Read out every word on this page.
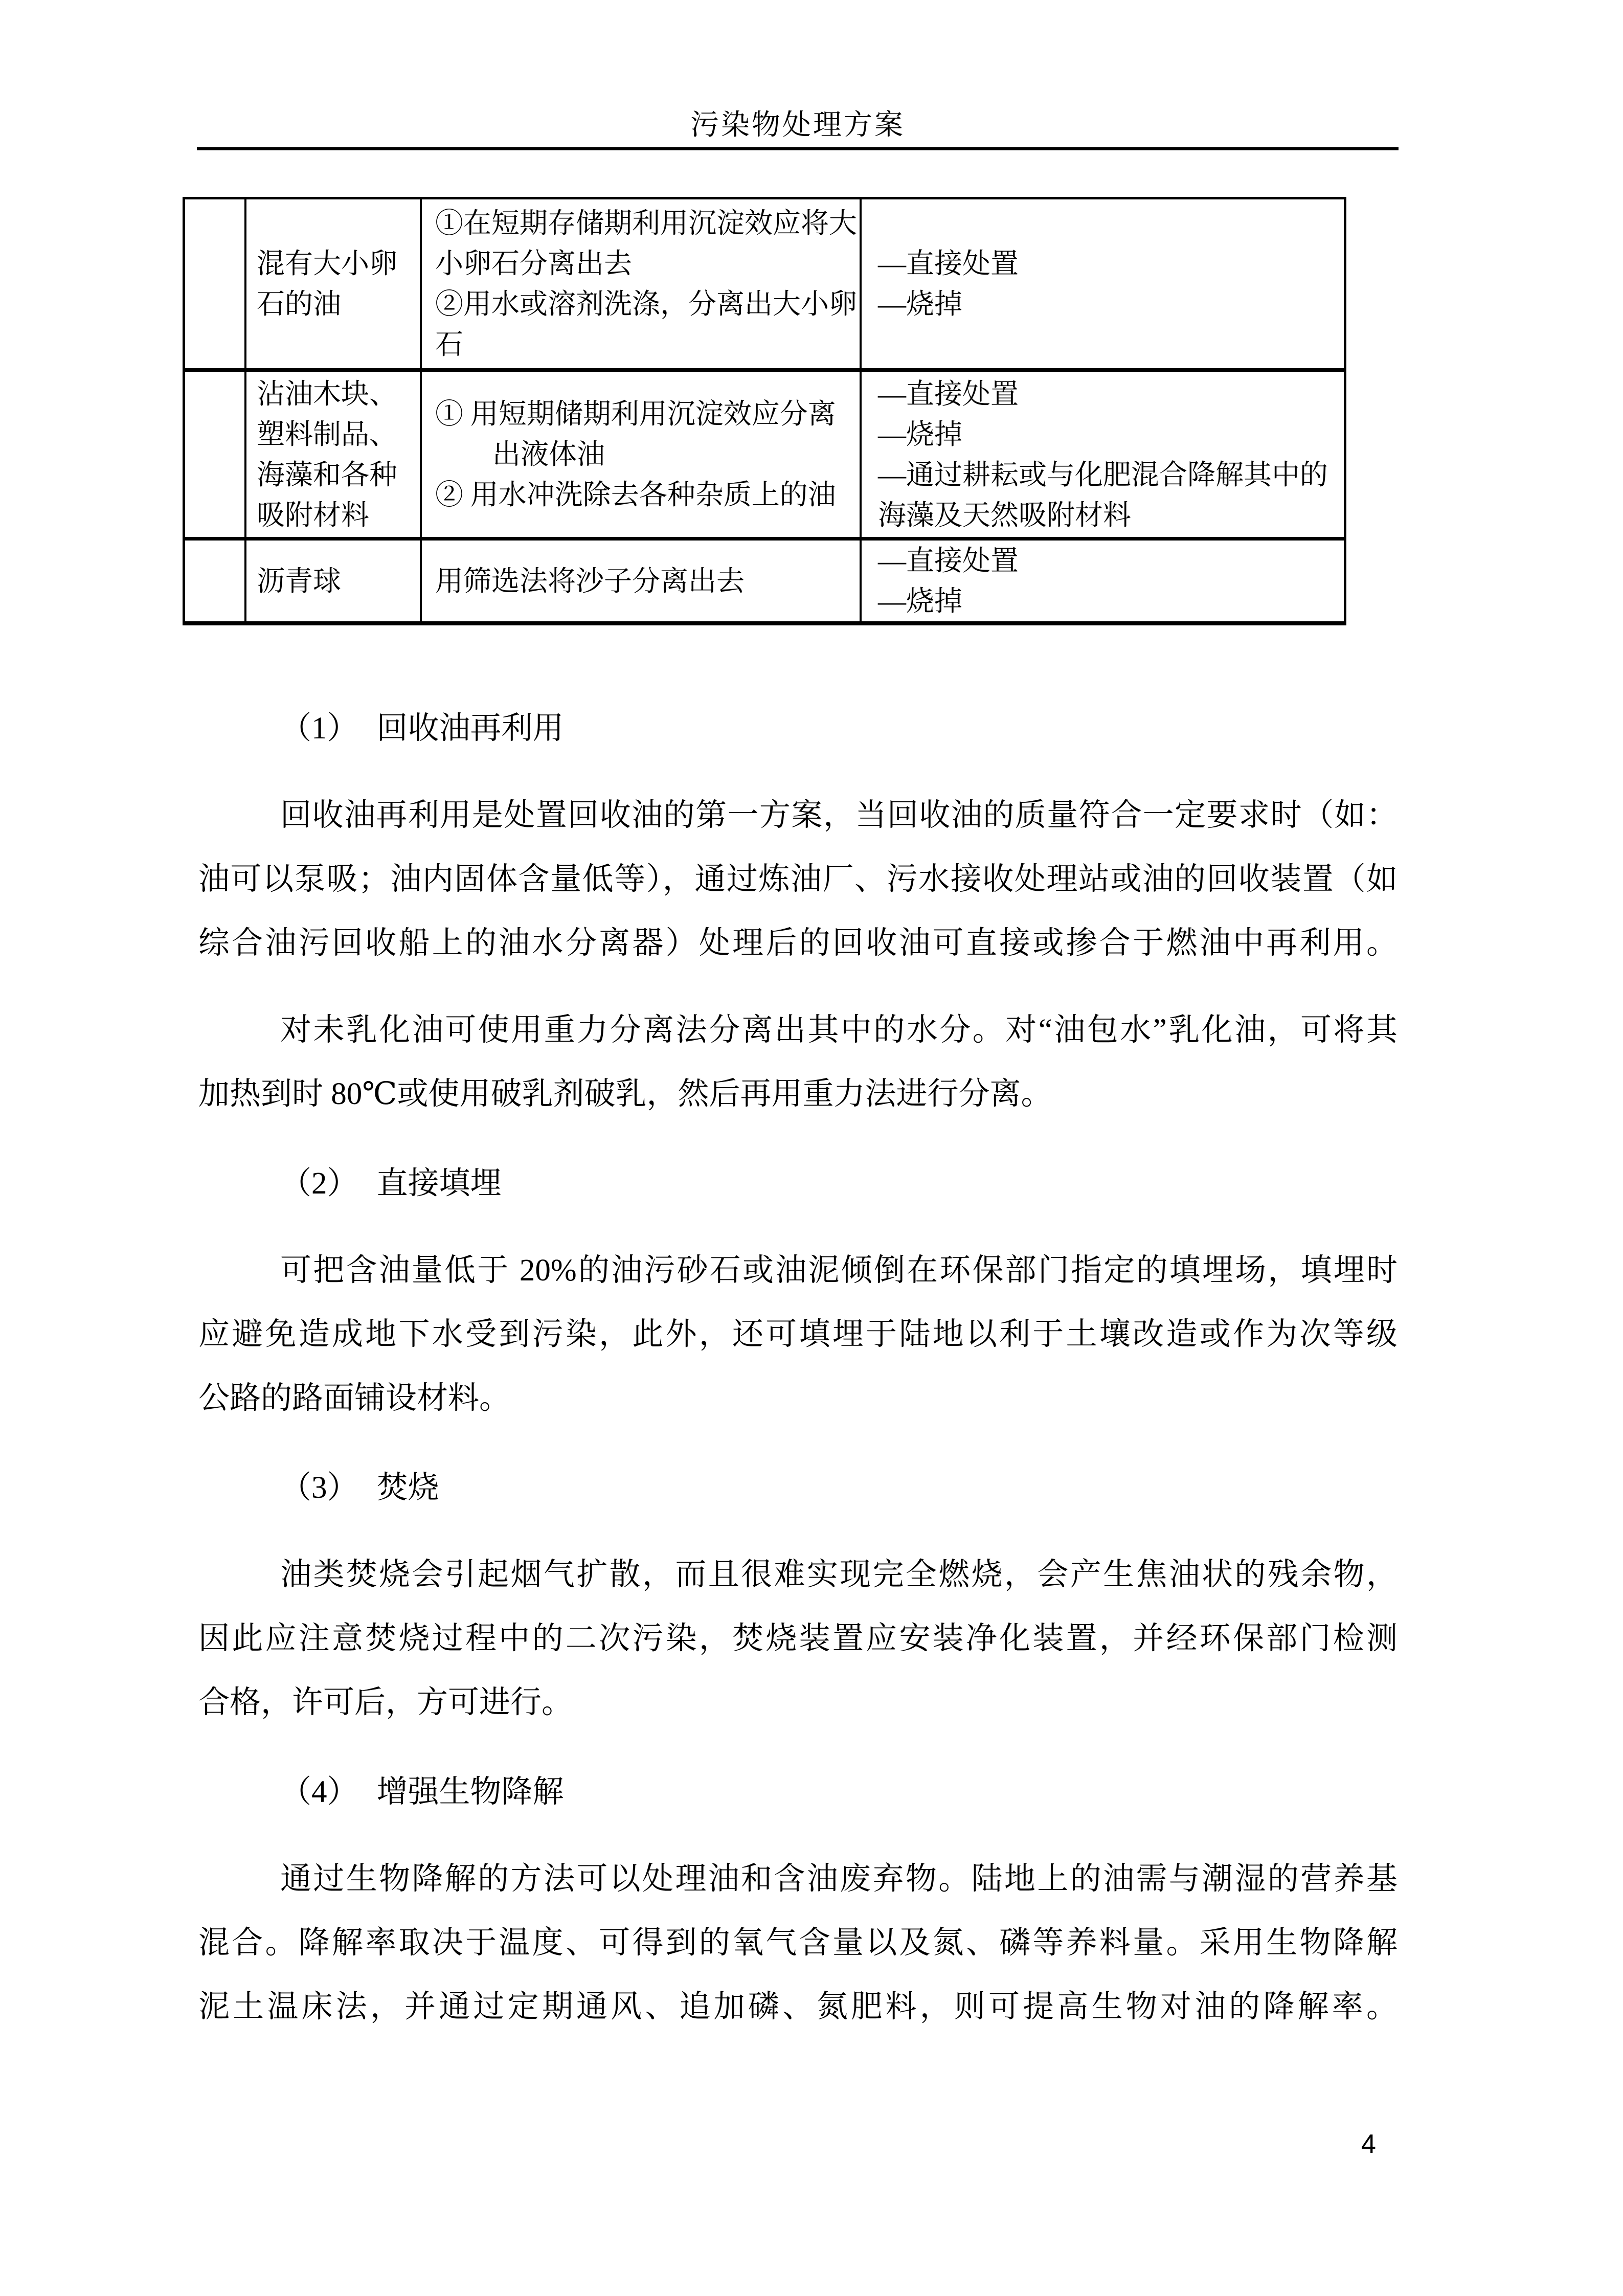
污染物处理方案
混有大小卵
石的油
①在短期存储期利用沉淀效应将大
小卵石分离出去
②用水或溶剂洗涤，分离出大小卵
石
—直接处置
—烧掉
沾油木块、
塑料制品、
海藻和各种
吸附材料
① 用短期储期利用沉淀效应分离
出液体油
② 用水冲洗除去各种杂质上的油
—直接处置
—烧掉
—通过耕耘或与化肥混合降解其中的
海藻及天然吸附材料
沥青球	用筛选法将沙子分离出去
—直接处置
—烧掉
（1） 回收油再利用
回收油再利用是处置回收油的第一方案，当回收油的质量符合一定要求时（如：
油可以泵吸；油内固体含量低等），通过炼油厂、污水接收处理站或油的回收装置（如
综合油污回收船上的油水分离器）处理后的回收油可直接或掺合于燃油中再利用。
对未乳化油可使用重力分离法分离出其中的水分。对“油包水”乳化油，可将其
加热到时 80℃或使用破乳剂破乳，然后再用重力法进行分离。
（2） 直接填埋
可把含油量低于 20%的油污砂石或油泥倾倒在环保部门指定的填埋场，填埋时
应避免造成地下水受到污染，此外，还可填埋于陆地以利于土壤改造或作为次等级
公路的路面铺设材料。
（3） 焚烧
油类焚烧会引起烟气扩散，而且很难实现完全燃烧，会产生焦油状的残余物，
因此应注意焚烧过程中的二次污染，焚烧装置应安装净化装置，并经环保部门检测
合格，许可后，方可进行。
（4） 增强生物降解
通过生物降解的方法可以处理油和含油废弃物。陆地上的油需与潮湿的营养基
混合。降解率取决于温度、可得到的氧气含量以及氮、磷等养料量。采用生物降解
泥土温床法，并通过定期通风、追加磷、氮肥料，则可提高生物对油的降解率。
4
